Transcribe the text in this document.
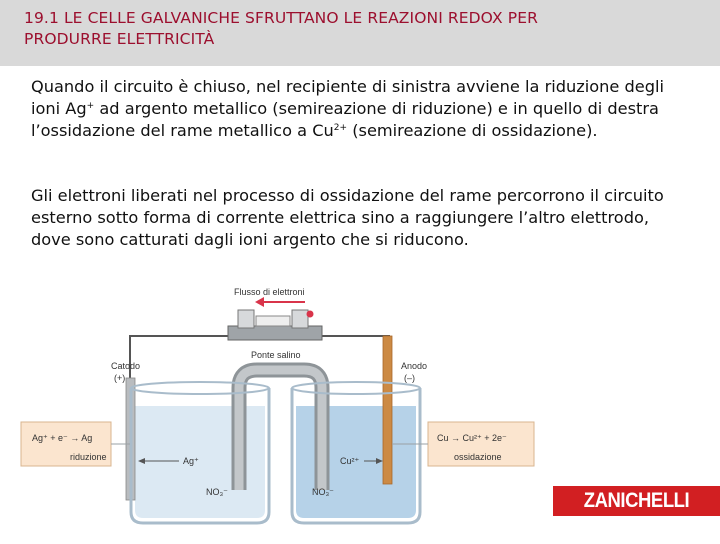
19.1 LE CELLE GALVANICHE SFRUTTANO LE REAZIONI REDOX PER
PRODURRE ELETTRICITÀ
Quando il circuito è chiuso, nel recipiente di sinistra avviene la riduzione degli ioni Ag+ ad argento metallico (semireazione di riduzione) e in quello di destra l’ossidazione del rame metallico a $Cu^{2+}$ (semireazione di ossidazione).
Gli elettroni liberati nel processo di ossidazione del rame percorrono il circuito esterno sotto forma di corrente elettrica sino a raggiungere l’altro elettrodo, dove sono catturati dagli ioni argento che si riducono.
Flusso di elettroni
Ponte salino
Catodo
(+)
Anodo
(–)
Ag⁺ + e⁻ → Ag
riduzione
Cu → Cu²⁺ + 2e⁻
ossidazione
Ag⁺	Cu²⁺
NO₃⁻	NO₃⁻	ZANICHELLI
